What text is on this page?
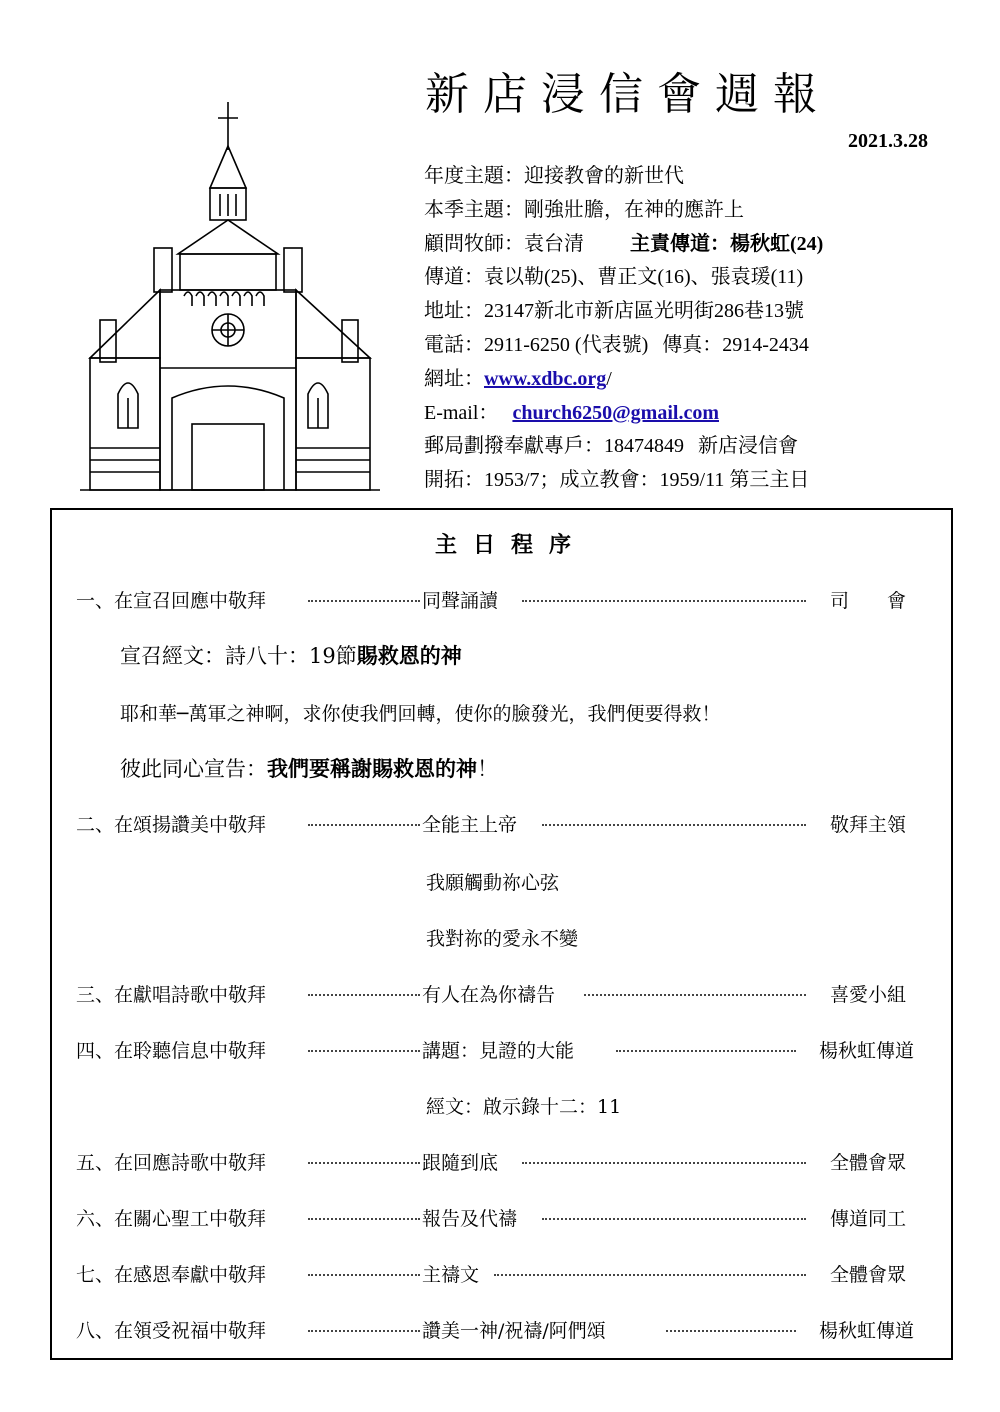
新店浸信會週報
2021.3.28
年度主題：迎接教會的新世代
本季主題：剛強壯膽，在神的應許上
顧問牧師：袁台清 主責傳道：楊秋虹(24)
傳道：袁以勒(25)、曹正文(16)、張袁瑗(11)
地址：23147新北市新店區光明街286巷13號
電話：2911-6250 (代表號) 傳真：2914-2434
網址：www.xdbc.org/
E-mail： church6250@gmail.com
郵局劃撥奉獻專戶：18474849 新店浸信會
開拓：1953/7；成立教會：1959/11 第三主日
主日程序
一、在宣召回應中敬拜	同聲誦讀	司　　會
宣召經文：詩八十：19節賜救恩的神
耶和華─萬軍之神啊，求你使我們回轉，使你的臉發光，我們便要得救！
彼此同心宣告：我們要稱謝賜救恩的神！
二、在頌揚讚美中敬拜	全能主上帝	敬拜主領
我願觸動祢心弦
我對祢的愛永不變
三、在獻唱詩歌中敬拜	有人在為你禱告	喜愛小組
四、在聆聽信息中敬拜	講題：見證的大能	楊秋虹傳道
經文：啟示錄十二：11
五、在回應詩歌中敬拜	跟隨到底	全體會眾
六、在關心聖工中敬拜	報告及代禱	傳道同工
七、在感恩奉獻中敬拜	主禱文	全體會眾
八、在領受祝福中敬拜	讚美一神/祝禱/阿們頌	楊秋虹傳道
